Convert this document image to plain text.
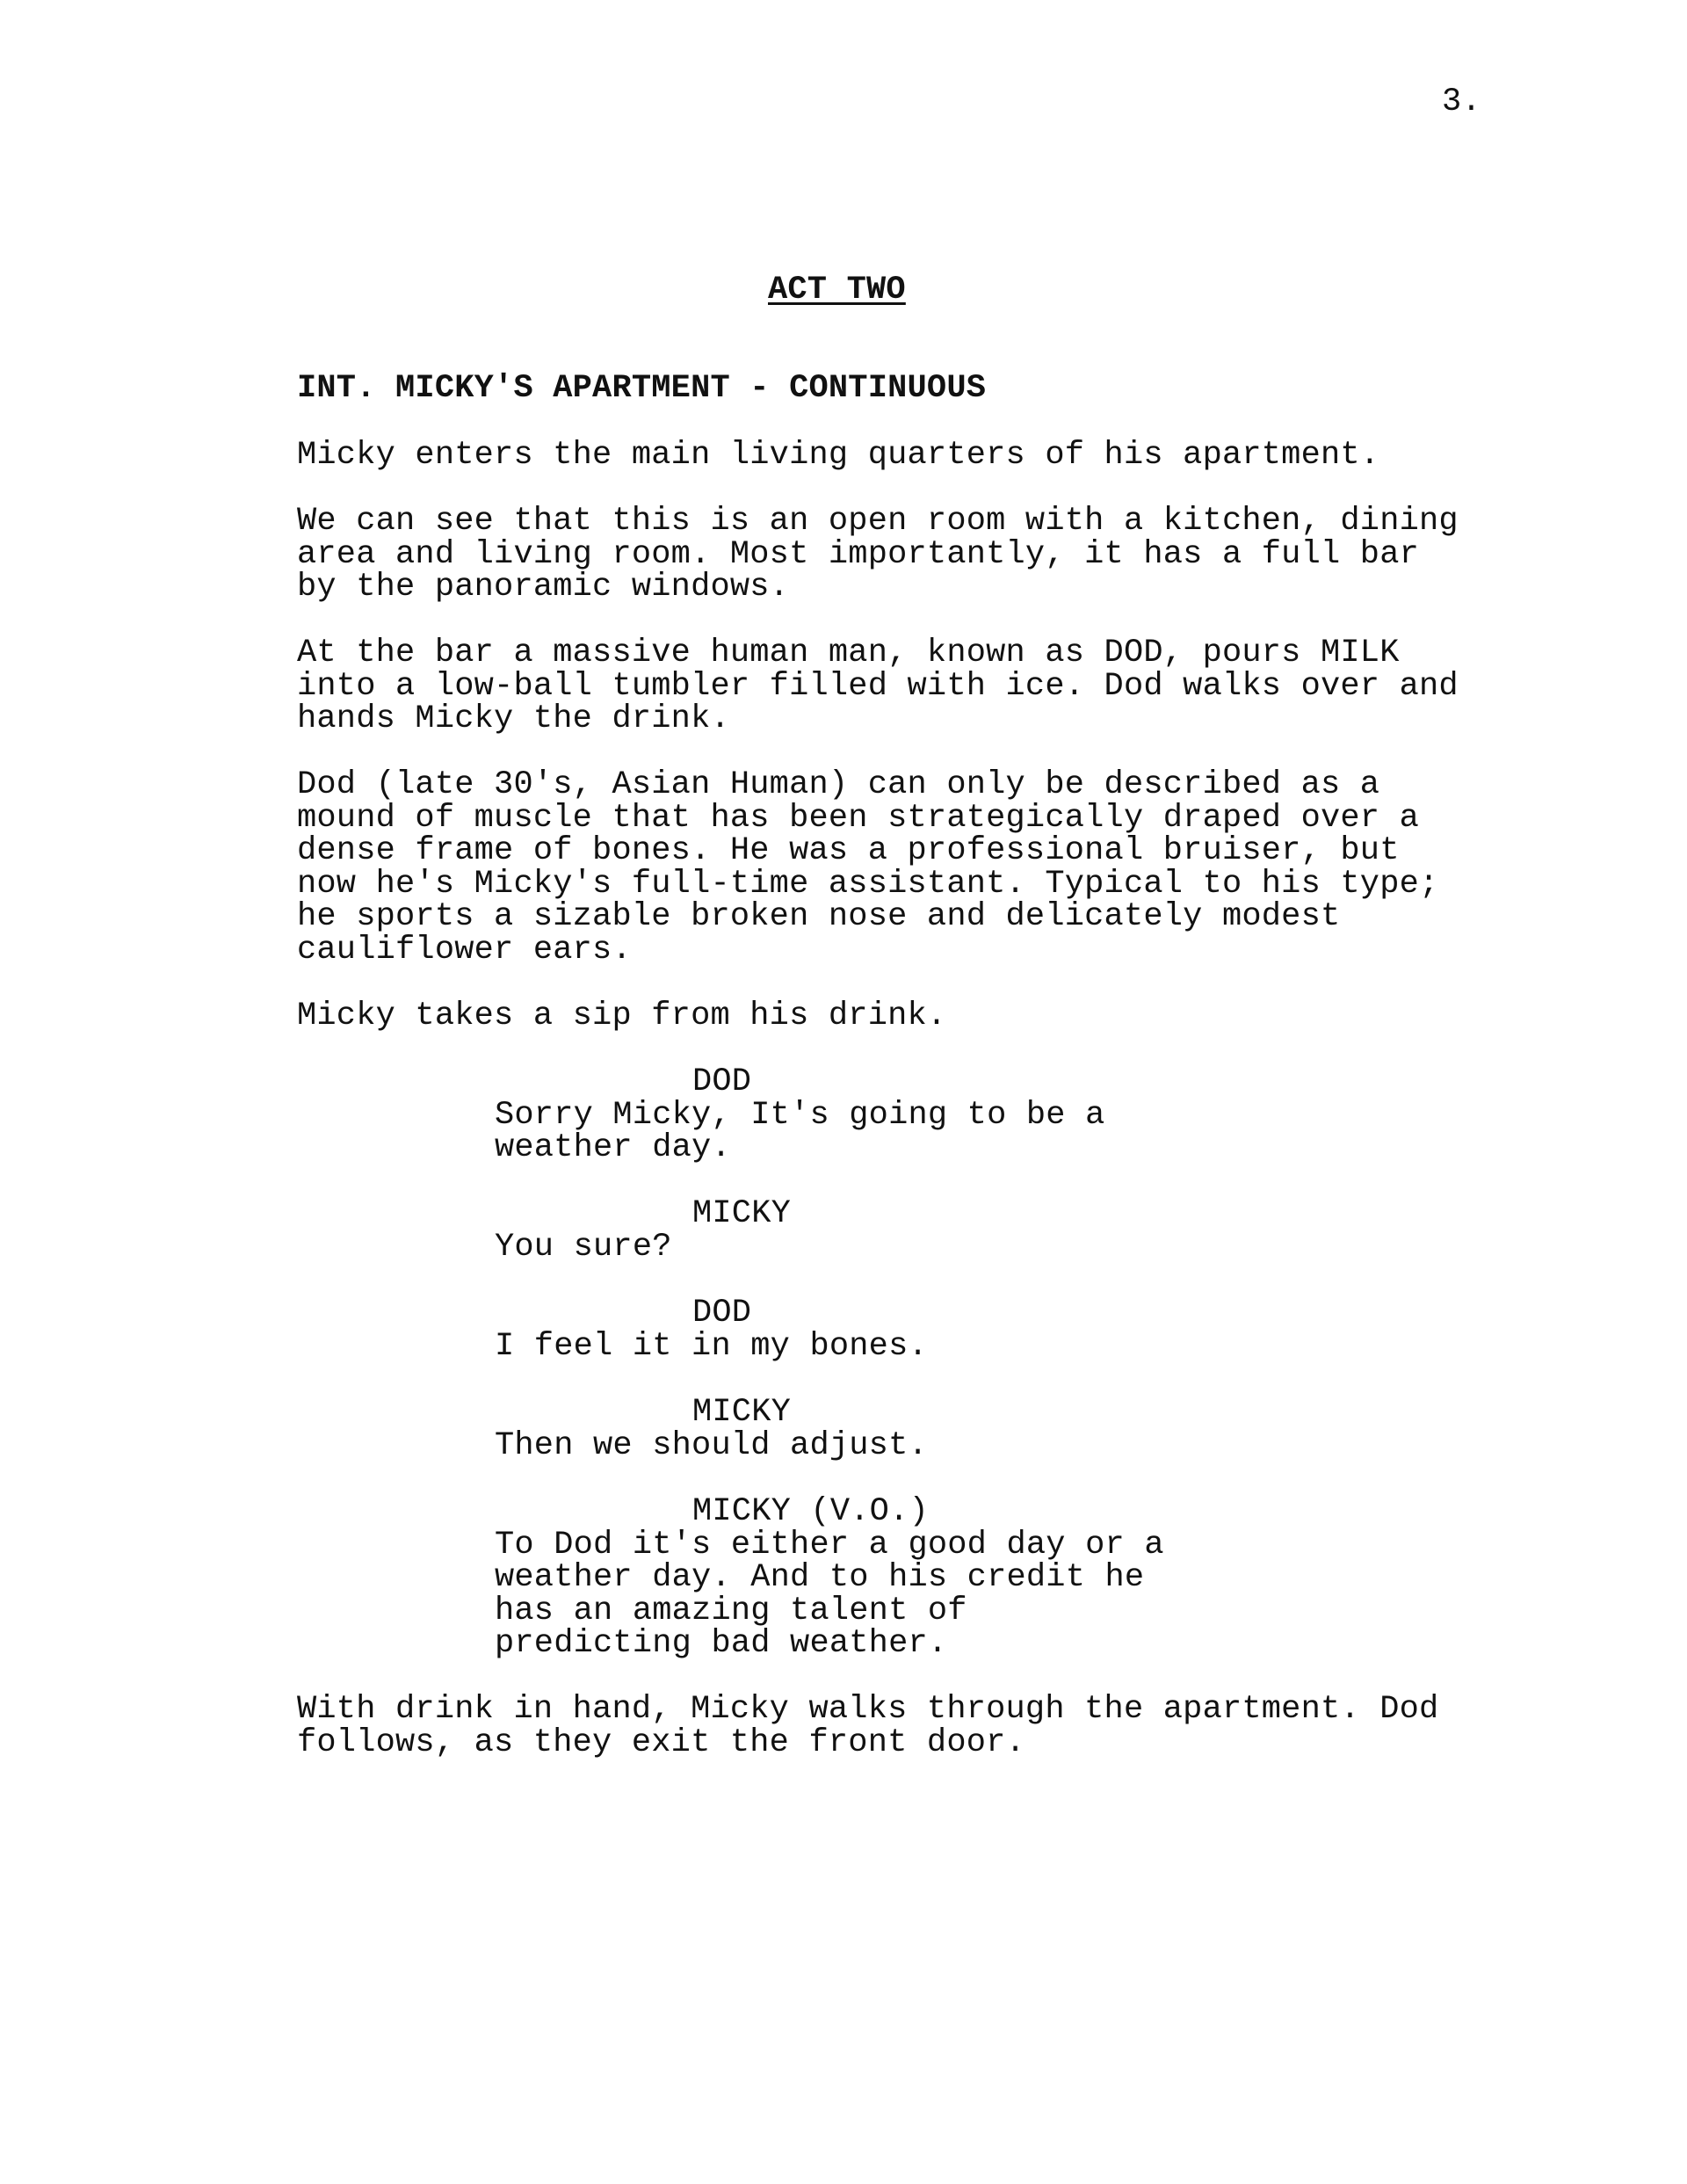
3.
ACT TWO
INT. MICKY'S APARTMENT - CONTINUOUS
Micky enters the main living quarters of his apartment.
We can see that this is an open room with a kitchen, dining
area and living room. Most importantly, it has a full bar
by the panoramic windows.
At the bar a massive human man, known as DOD, pours MILK
into a low-ball tumbler filled with ice. Dod walks over and
hands Micky the drink.
Dod (late 30's, Asian Human) can only be described as a
mound of muscle that has been strategically draped over a
dense frame of bones. He was a professional bruiser, but
now he's Micky's full-time assistant. Typical to his type;
he sports a sizable broken nose and delicately modest
cauliflower ears.
Micky takes a sip from his drink.
DOD
Sorry Micky, It's going to be a
weather day.
MICKY
You sure?
DOD
I feel it in my bones.
MICKY
Then we should adjust.
MICKY (V.O.)
To Dod it's either a good day or a
weather day. And to his credit he
has an amazing talent of
predicting bad weather.
With drink in hand, Micky walks through the apartment. Dod
follows, as they exit the front door.
